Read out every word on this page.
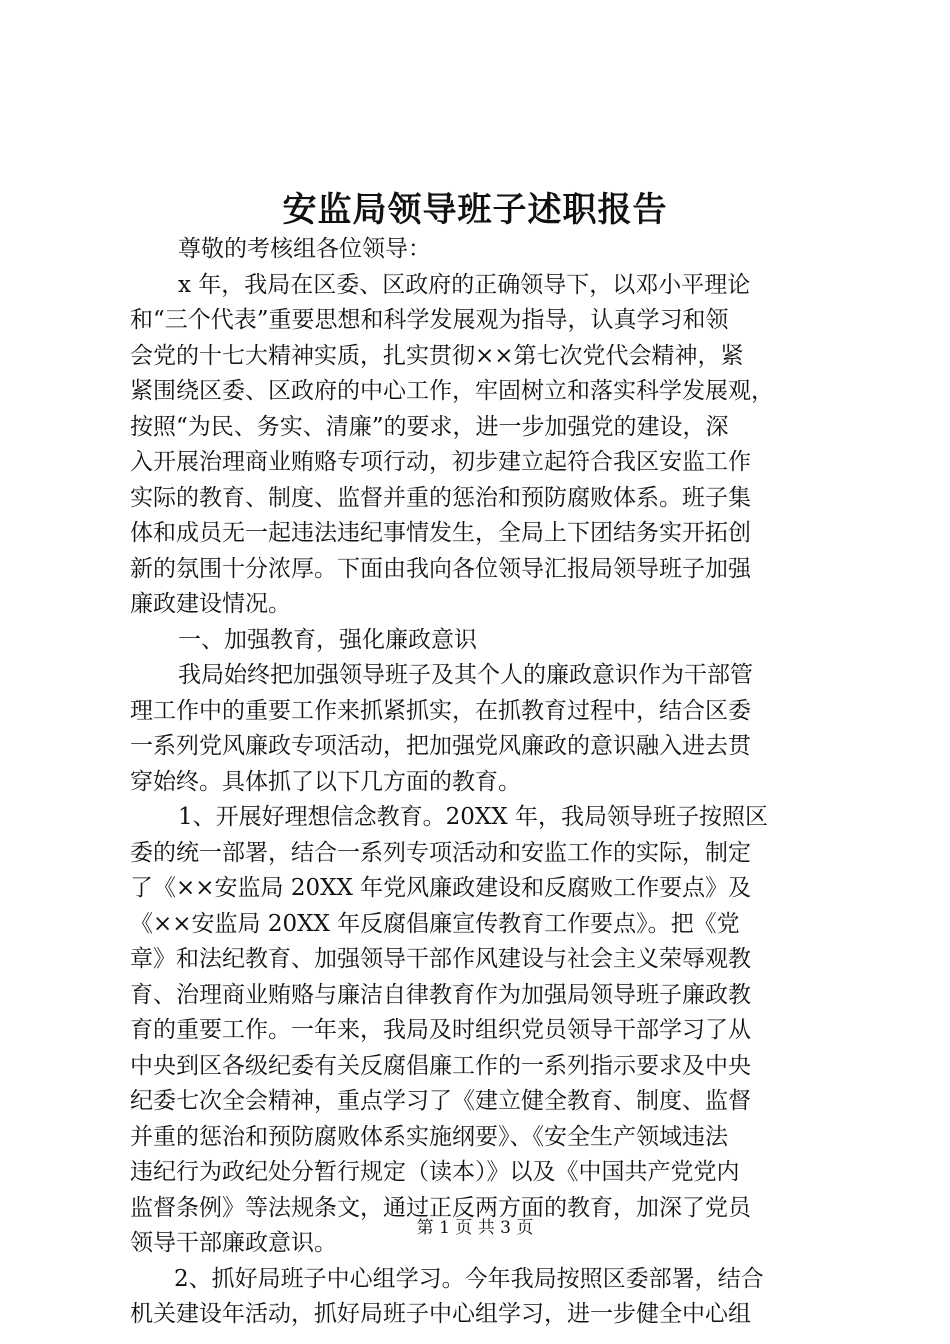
安监局领导班子述职报告
尊敬的考核组各位领导：
x 年，我局在区委、区政府的正确领导下，以邓小平理论
和“三个代表”重要思想和科学发展观为指导，认真学习和领
会党的十七大精神实质，扎实贯彻××第七次党代会精神，紧
紧围绕区委、区政府的中心工作，牢固树立和落实科学发展观，
按照“为民、务实、清廉”的要求，进一步加强党的建设，深
入开展治理商业贿赂专项行动，初步建立起符合我区安监工作
实际的教育、制度、监督并重的惩治和预防腐败体系。班子集
体和成员无一起违法违纪事情发生，全局上下团结务实开拓创
新的氛围十分浓厚。下面由我向各位领导汇报局领导班子加强
廉政建设情况。
一、加强教育，强化廉政意识
我局始终把加强领导班子及其个人的廉政意识作为干部管
理工作中的重要工作来抓紧抓实，在抓教育过程中，结合区委
一系列党风廉政专项活动，把加强党风廉政的意识融入进去贯
穿始终。具体抓了以下几方面的教育。
1、开展好理想信念教育。20XX 年，我局领导班子按照区
委的统一部署，结合一系列专项活动和安监工作的实际，制定
了《××安监局 20XX 年党风廉政建设和反腐败工作要点》及
《××安监局 20XX 年反腐倡廉宣传教育工作要点》。把《党
章》和法纪教育、加强领导干部作风建设与社会主义荣辱观教
育、治理商业贿赂与廉洁自律教育作为加强局领导班子廉政教
育的重要工作。一年来，我局及时组织党员领导干部学习了从
中央到区各级纪委有关反腐倡廉工作的一系列指示要求及中央
纪委七次全会精神，重点学习了《建立健全教育、制度、监督
并重的惩治和预防腐败体系实施纲要》、《安全生产领域违法
违纪行为政纪处分暂行规定（读本）》以及《中国共产党党内
监督条例》等法规条文，通过正反两方面的教育，加深了党员
领导干部廉政意识。
2、抓好局班子中心组学习。今年我局按照区委部署，结合
机关建设年活动，抓好局班子中心组学习，进一步健全中心组
第 1 页 共 3 页
